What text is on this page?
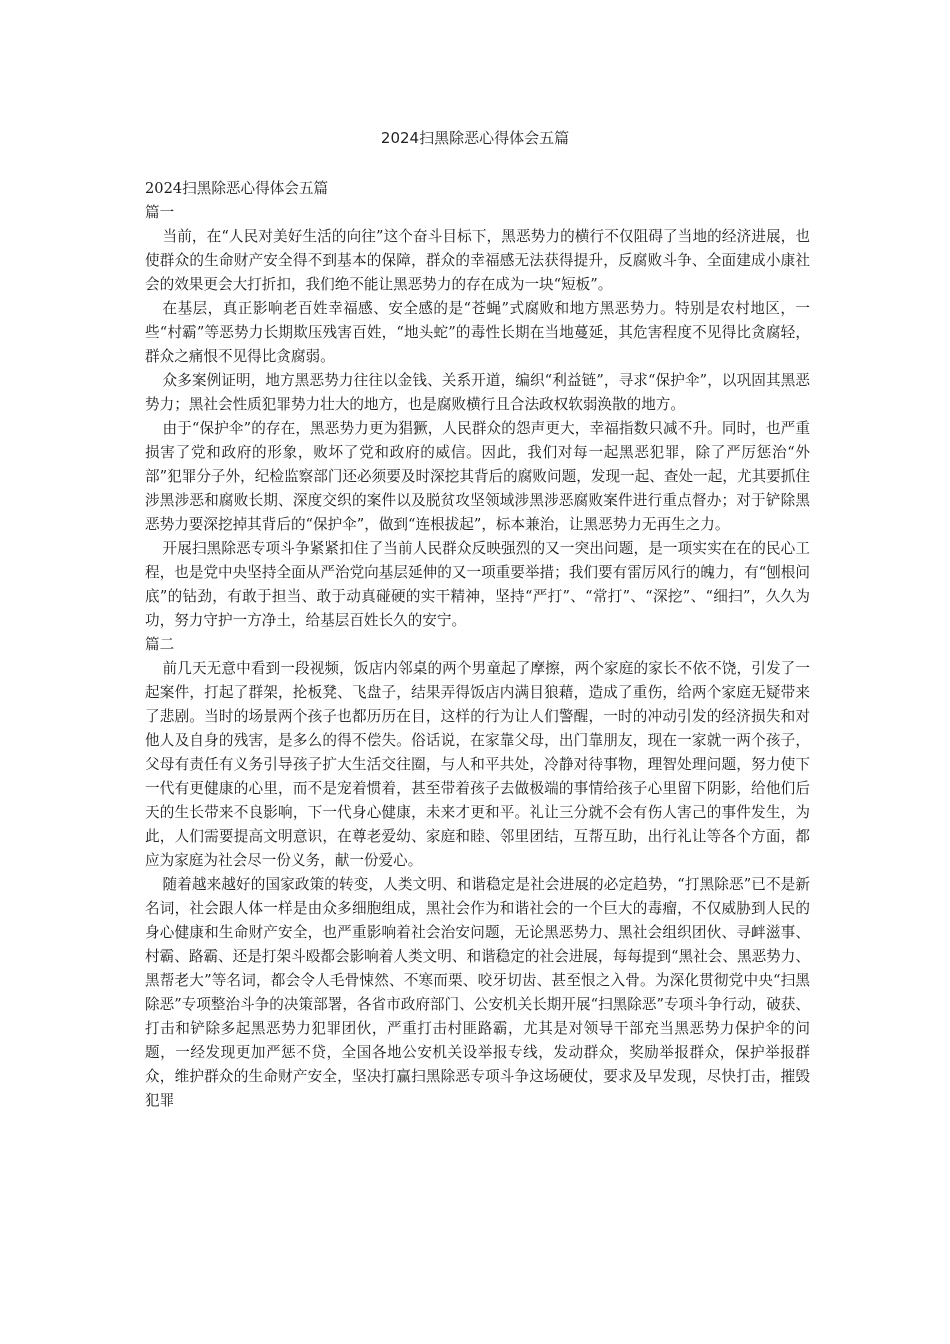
2024扫黑除恶心得体会五篇

2024扫黑除恶心得体会五篇

篇一

当前，在“人民对美好生活的向往”这个奋斗目标下，黑恶势力的横行不仅阻碍了当地的经济进展，也使群众的生命财产安全得不到基本的保障，群众的幸福感无法获得提升，反腐败斗争、全面建成小康社会的效果更会大打折扣，我们绝不能让黑恶势力的存在成为一块“短板”。

在基层，真正影响老百姓幸福感、安全感的是“苍蝇”式腐败和地方黑恶势力。特别是农村地区，一些“村霸”等恶势力长期欺压残害百姓，“地头蛇”的毒性长期在当地蔓延，其危害程度不见得比贪腐轻，群众之痛恨不见得比贪腐弱。

众多案例证明，地方黑恶势力往往以金钱、关系开道，编织“利益链”，寻求“保护伞”，以巩固其黑恶势力；黑社会性质犯罪势力壮大的地方，也是腐败横行且合法政权软弱涣散的地方。

由于“保护伞”的存在，黑恶势力更为猖獗，人民群众的怨声更大，幸福指数只减不升。同时，也严重损害了党和政府的形象，败坏了党和政府的威信。因此，我们对每一起黑恶犯罪，除了严厉惩治“外部”犯罪分子外，纪检监察部门还必须要及时深挖其背后的腐败问题，发现一起、查处一起，尤其要抓住涉黑涉恶和腐败长期、深度交织的案件以及脱贫攻坚领域涉黑涉恶腐败案件进行重点督办；对于铲除黑恶势力要深挖掉其背后的“保护伞”，做到“连根拔起”，标本兼治，让黑恶势力无再生之力。

开展扫黑除恶专项斗争紧紧扣住了当前人民群众反映强烈的又一突出问题，是一项实实在在的民心工程，也是党中央坚持全面从严治党向基层延伸的又一项重要举措；我们要有雷厉风行的魄力，有“刨根问底”的钻劲，有敢于担当、敢于动真碰硬的实干精神，坚持“严打”、“常打”、“深挖”、“细扫”，久久为功，努力守护一方净土，给基层百姓长久的安宁。

篇二

前几天无意中看到一段视频，饭店内邻桌的两个男童起了摩擦，两个家庭的家长不依不饶，引发了一起案件，打起了群架，抡板凳、飞盘子，结果弄得饭店内满目狼藉，造成了重伤，给两个家庭无疑带来了悲剧。当时的场景两个孩子也都历历在目，这样的行为让人们警醒，一时的冲动引发的经济损失和对他人及自身的残害，是多么的得不偿失。俗话说，在家靠父母，出门靠朋友，现在一家就一两个孩子，父母有责任有义务引导孩子扩大生活交往圈，与人和平共处，冷静对待事物，理智处理问题，努力使下一代有更健康的心里，而不是宠着惯着，甚至带着孩子去做极端的事情给孩子心里留下阴影，给他们后天的生长带来不良影响，下一代身心健康，未来才更和平。礼让三分就不会有伤人害己的事件发生，为此，人们需要提高文明意识，在尊老爱幼、家庭和睦、邻里团结，互帮互助，出行礼让等各个方面，都应为家庭为社会尽一份义务，献一份爱心。

随着越来越好的国家政策的转变，人类文明、和谐稳定是社会进展的必定趋势，“打黑除恶”已不是新名词，社会跟人体一样是由众多细胞组成，黑社会作为和谐社会的一个巨大的毒瘤，不仅威胁到人民的身心健康和生命财产安全，也严重影响着社会治安问题，无论黑恶势力、黑社会组织团伙、寻衅滋事、村霸、路霸、还是打架斗殴都会影响着人类文明、和谐稳定的社会进展，每每提到“黑社会、黑恶势力、黑帮老大”等名词，都会令人毛骨悚然、不寒而栗、咬牙切齿、甚至恨之入骨。为深化贯彻党中央“扫黑除恶”专项整治斗争的决策部署，各省市政府部门、公安机关长期开展“扫黑除恶”专项斗争行动，破获、打击和铲除多起黑恶势力犯罪团伙，严重打击村匪路霸，尤其是对领导干部充当黑恶势力保护伞的问题，一经发现更加严惩不贷，全国各地公安机关设举报专线，发动群众，奖励举报群众，保护举报群众，维护群众的生命财产安全，坚决打赢扫黑除恶专项斗争这场硬仗，要求及早发现，尽快打击，摧毁犯罪
